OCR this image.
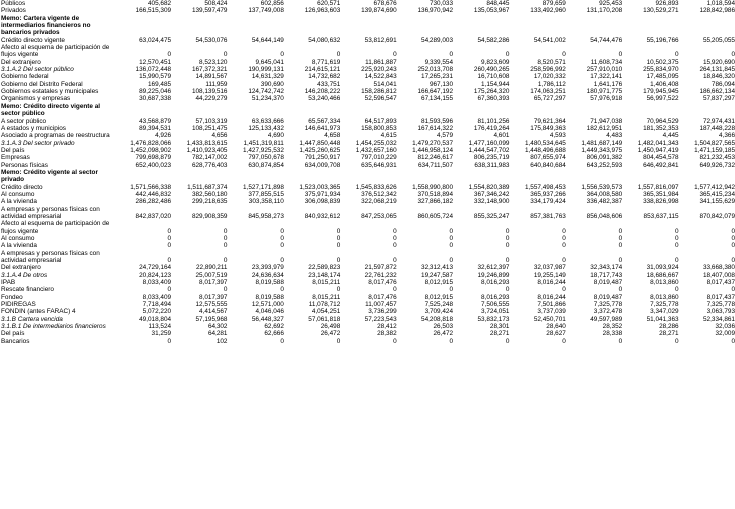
Públicos	405,682	508,424	602,856	620,571	678,676	730,033	848,445	879,659	925,453	926,893	1,018,594
Privados	166,515,309	139,597,479	137,749,008	126,963,603	139,874,690	136,970,942	135,053,967	133,492,960	131,170,208	130,529,271	128,842,986
Memo: Cartera vigente de intermediarios financieros no bancarios privados
Crédito directo vigente	63,024,475	54,530,076	54,644,149	54,080,632	53,812,691	54,289,003	54,582,286	54,541,002	54,744,476	55,196,766	55,205,055
Afecto al esquema de participación de flujos vigente	0	0	0	0	0	0	0	0	0	0	0
Del extranjero	12,570,451	8,523,120	9,645,041	8,771,619	11,861,887	9,339,554	9,823,609	8,520,571	11,608,734	10,502,375	15,920,690
3.1.A.2 Del sector público	136,072,448	167,372,321	190,999,131	214,615,121	225,920,243	252,013,708	260,490,265	258,596,992	257,910,010	255,834,970	264,131,845
Gobierno federal	15,990,579	14,891,567	14,631,329	14,732,682	14,522,843	17,265,231	16,710,608	17,020,332	17,322,141	17,485,095	18,846,320
Gobierno del Distrito Federal	169,485	111,959	390,690	433,751	514,041	967,130	1,154,944	1,786,112	1,641,176	1,406,408	786,094
Gobiernos estatales y municipales	89,225,046	108,139,516	124,742,742	146,208,222	158,286,812	166,647,192	175,264,320	174,063,251	180,971,775	179,945,945	186,662,134
Organismos y empresas	30,687,338	44,229,279	51,234,370	53,240,466	52,596,547	67,134,155	67,360,393	65,727,297	57,976,918	56,997,522	57,837,297
Memo: Crédito directo vigente al sector público
A sector público	43,568,879	57,103,319	63,633,666	65,567,334	64,517,893	81,593,596	81,101,256	79,621,364	71,947,038	70,964,529	72,974,431
A estados y municipios	89,394,531	108,251,475	125,133,432	146,641,973	158,800,853	167,614,322	176,419,264	175,849,363	182,612,951	181,352,353	187,448,228
Asociado a programas de reestructura	4,926	4,656	4,690	4,658	4,615	4,579	4,601	4,593	4,483	4,445	4,366
3.1.A.3 Del sector privado	1,476,828,066	1,433,813,615	1,451,319,811	1,447,850,448	1,454,255,032	1,479,270,537	1,477,160,099	1,480,534,645	1,481,687,149	1,482,041,343	1,504,827,565
Del país	1,452,098,902	1,410,923,405	1,427,925,532	1,425,260,625	1,432,657,160	1,446,958,124	1,444,547,702	1,448,496,688	1,449,343,975	1,450,947,419	1,471,159,185
Empresas	799,698,879	782,147,002	797,050,678	791,250,917	797,010,229	812,246,617	806,235,719	807,655,974	806,091,382	804,454,578	821,232,453
Personas físicas	652,400,023	628,776,403	630,874,854	634,009,708	635,646,931	634,711,507	638,311,983	640,840,684	643,252,593	646,492,841	649,926,732
Memo: Crédito vigente al sector privado
Crédito directo	1,571,566,338	1,511,687,374	1,527,171,898	1,523,003,365	1,545,833,626	1,558,990,800	1,554,820,389	1,557,498,453	1,556,539,573	1,557,816,097	1,577,412,942
Al consumo	442,446,832	382,560,180	377,855,515	375,971,934	376,512,342	370,518,894	367,346,242	365,937,266	364,008,580	365,351,984	365,415,234
A la vivienda	286,282,486	299,218,635	303,358,110	306,098,839	322,068,219	327,866,182	332,148,900	334,179,424	336,482,387	338,826,998	341,155,629
A empresas y personas físicas con actividad empresarial	842,837,020	829,908,359	845,958,273	840,932,612	847,253,065	860,605,724	855,325,247	857,381,763	856,048,606	853,637,115	870,842,079
Afecto al esquema de participación de flujos vigente	0	0	0	0	0	0	0	0	0	0	0
Al consumo	0	0	0	0	0	0	0	0	0	0	0
A la vivienda	0	0	0	0	0	0	0	0	0	0	0
A empresas y personas físicas con actividad empresarial	0	0	0	0	0	0	0	0	0	0	0
Del extranjero	24,729,164	22,890,211	23,393,979	22,589,823	21,597,872	32,312,413	32,612,397	32,037,987	32,343,174	31,093,924	33,668,380
3.1.A.4 De otros	20,824,123	25,007,519	24,636,634	23,148,174	22,761,232	19,247,587	19,246,899	19,255,149	18,717,743	18,686,667	18,407,008
IPAB	8,033,409	8,017,397	8,019,588	8,015,211	8,017,476	8,012,915	8,016,293	8,016,244	8,019,487	8,013,860	8,017,437
Rescate financiero	0	0	0	0	0	0	0	0	0	0	0
Fondeo	8,033,409	8,017,397	8,019,588	8,015,211	8,017,476	8,012,915	8,016,293	8,016,244	8,019,487	8,013,860	8,017,437
PIDIREGAS	7,718,494	12,575,555	12,571,000	11,078,712	11,007,457	7,525,248	7,506,555	7,501,866	7,325,778	7,325,778	7,325,778
FONDIN (antes FARAC) 4	5,072,220	4,414,567	4,046,046	4,054,251	3,736,299	3,709,424	3,724,051	3,737,039	3,372,478	3,347,029	3,063,793
3.1.B Cartera vencida	49,018,804	57,195,968	56,448,327	57,061,818	57,223,543	54,208,818	53,832,173	52,450,701	49,597,989	51,041,363	52,334,861
3.1.B.1 De intermediarios financieros	113,524	64,302	62,692	26,498	28,412	26,503	28,301	28,640	28,352	28,286	32,036
Del país	31,259	64,281	62,666	26,472	28,382	26,472	28,271	28,627	28,338	28,271	32,009
Bancarios	0	102	0	0	0	0	0	0	0	0	0
